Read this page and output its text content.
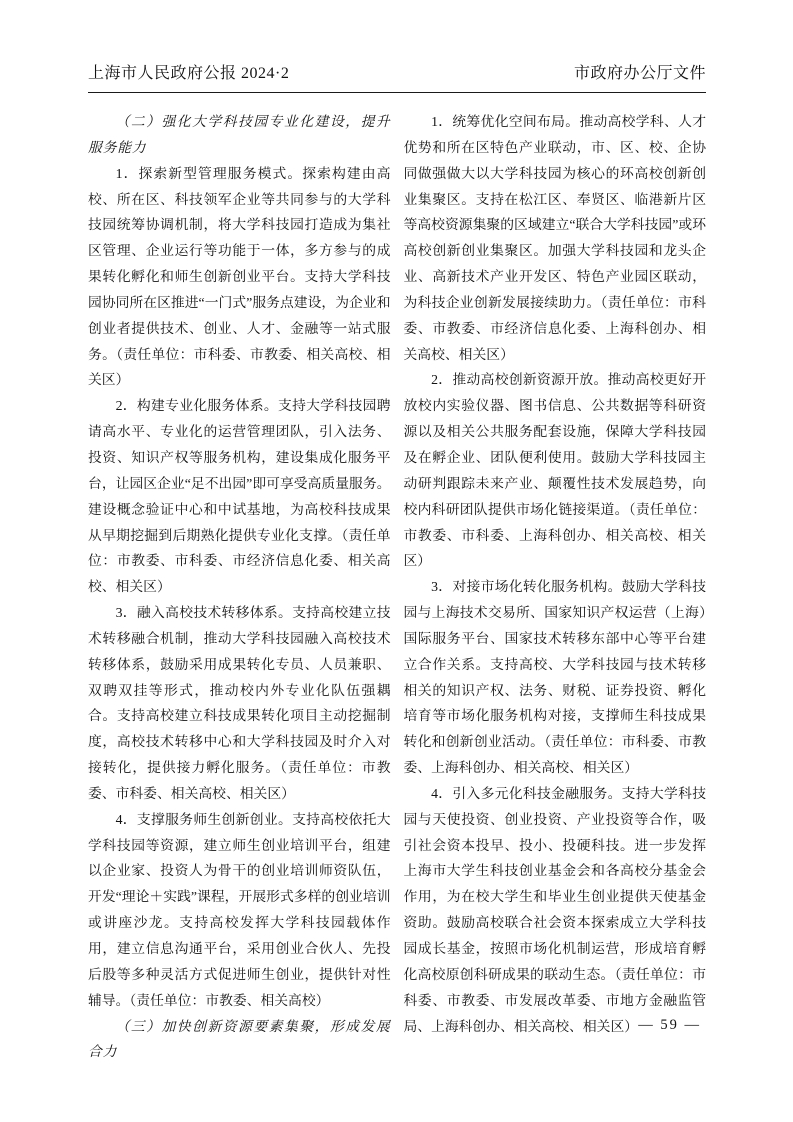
上海市人民政府公报 2024·2	市政府办公厅文件
（二）强化大学科技园专业化建设，提升服务能力

1．探索新型管理服务模式。探索构建由高校、所在区、科技领军企业等共同参与的大学科技园统筹协调机制，将大学科技园打造成为集社区管理、企业运行等功能于一体，多方参与的成果转化孵化和师生创新创业平台。支持大学科技园协同所在区推进“一门式”服务点建设，为企业和创业者提供技术、创业、人才、金融等一站式服务。（责任单位：市科委、市教委、相关高校、相关区）

2．构建专业化服务体系。支持大学科技园聘请高水平、专业化的运营管理团队，引入法务、投资、知识产权等服务机构，建设集成化服务平台，让园区企业“足不出园”即可享受高质量服务。建设概念验证中心和中试基地，为高校科技成果从早期挖掘到后期熟化提供专业化支撑。（责任单位：市教委、市科委、市经济信息化委、相关高校、相关区）

3．融入高校技术转移体系。支持高校建立技术转移融合机制，推动大学科技园融入高校技术转移体系，鼓励采用成果转化专员、人员兼职、双聘双挂等形式，推动校内外专业化队伍强耦合。支持高校建立科技成果转化项目主动挖掘制度，高校技术转移中心和大学科技园及时介入对接转化，提供接力孵化服务。（责任单位：市教委、市科委、相关高校、相关区）

4．支撑服务师生创新创业。支持高校依托大学科技园等资源，建立师生创业培训平台，组建以企业家、投资人为骨干的创业培训师资队伍，开发“理论＋实践”课程，开展形式多样的创业培训或讲座沙龙。支持高校发挥大学科技园载体作用，建立信息沟通平台，采用创业合伙人、先投后股等多种灵活方式促进师生创业，提供针对性辅导。（责任单位：市教委、相关高校）

（三）加快创新资源要素集聚，形成发展合力

1．统筹优化空间布局。推动高校学科、人才优势和所在区特色产业联动，市、区、校、企协同做强做大以大学科技园为核心的环高校创新创业集聚区。支持在松江区、奉贤区、临港新片区等高校资源集聚的区域建立“联合大学科技园”或环高校创新创业集聚区。加强大学科技园和龙头企业、高新技术产业开发区、特色产业园区联动，为科技企业创新发展接续助力。（责任单位：市科委、市教委、市经济信息化委、上海科创办、相关高校、相关区）

2．推动高校创新资源开放。推动高校更好开放校内实验仪器、图书信息、公共数据等科研资源以及相关公共服务配套设施，保障大学科技园及在孵企业、团队便利使用。鼓励大学科技园主动研判跟踪未来产业、颠覆性技术发展趋势，向校内科研团队提供市场化链接渠道。（责任单位：市教委、市科委、上海科创办、相关高校、相关区）

3．对接市场化转化服务机构。鼓励大学科技园与上海技术交易所、国家知识产权运营（上海）国际服务平台、国家技术转移东部中心等平台建立合作关系。支持高校、大学科技园与技术转移相关的知识产权、法务、财税、证券投资、孵化培育等市场化服务机构对接，支撑师生科技成果转化和创新创业活动。（责任单位：市科委、市教委、上海科创办、相关高校、相关区）

4．引入多元化科技金融服务。支持大学科技园与天使投资、创业投资、产业投资等合作，吸引社会资本投早、投小、投硬科技。进一步发挥上海市大学生科技创业基金会和各高校分基金会作用，为在校大学生和毕业生创业提供天使基金资助。鼓励高校联合社会资本探索成立大学科技园成长基金，按照市场化机制运营，形成培育孵化高校原创科研成果的联动生态。（责任单位：市科委、市教委、市发展改革委、市地方金融监管局、上海科创办、相关高校、相关区） — 59 —
